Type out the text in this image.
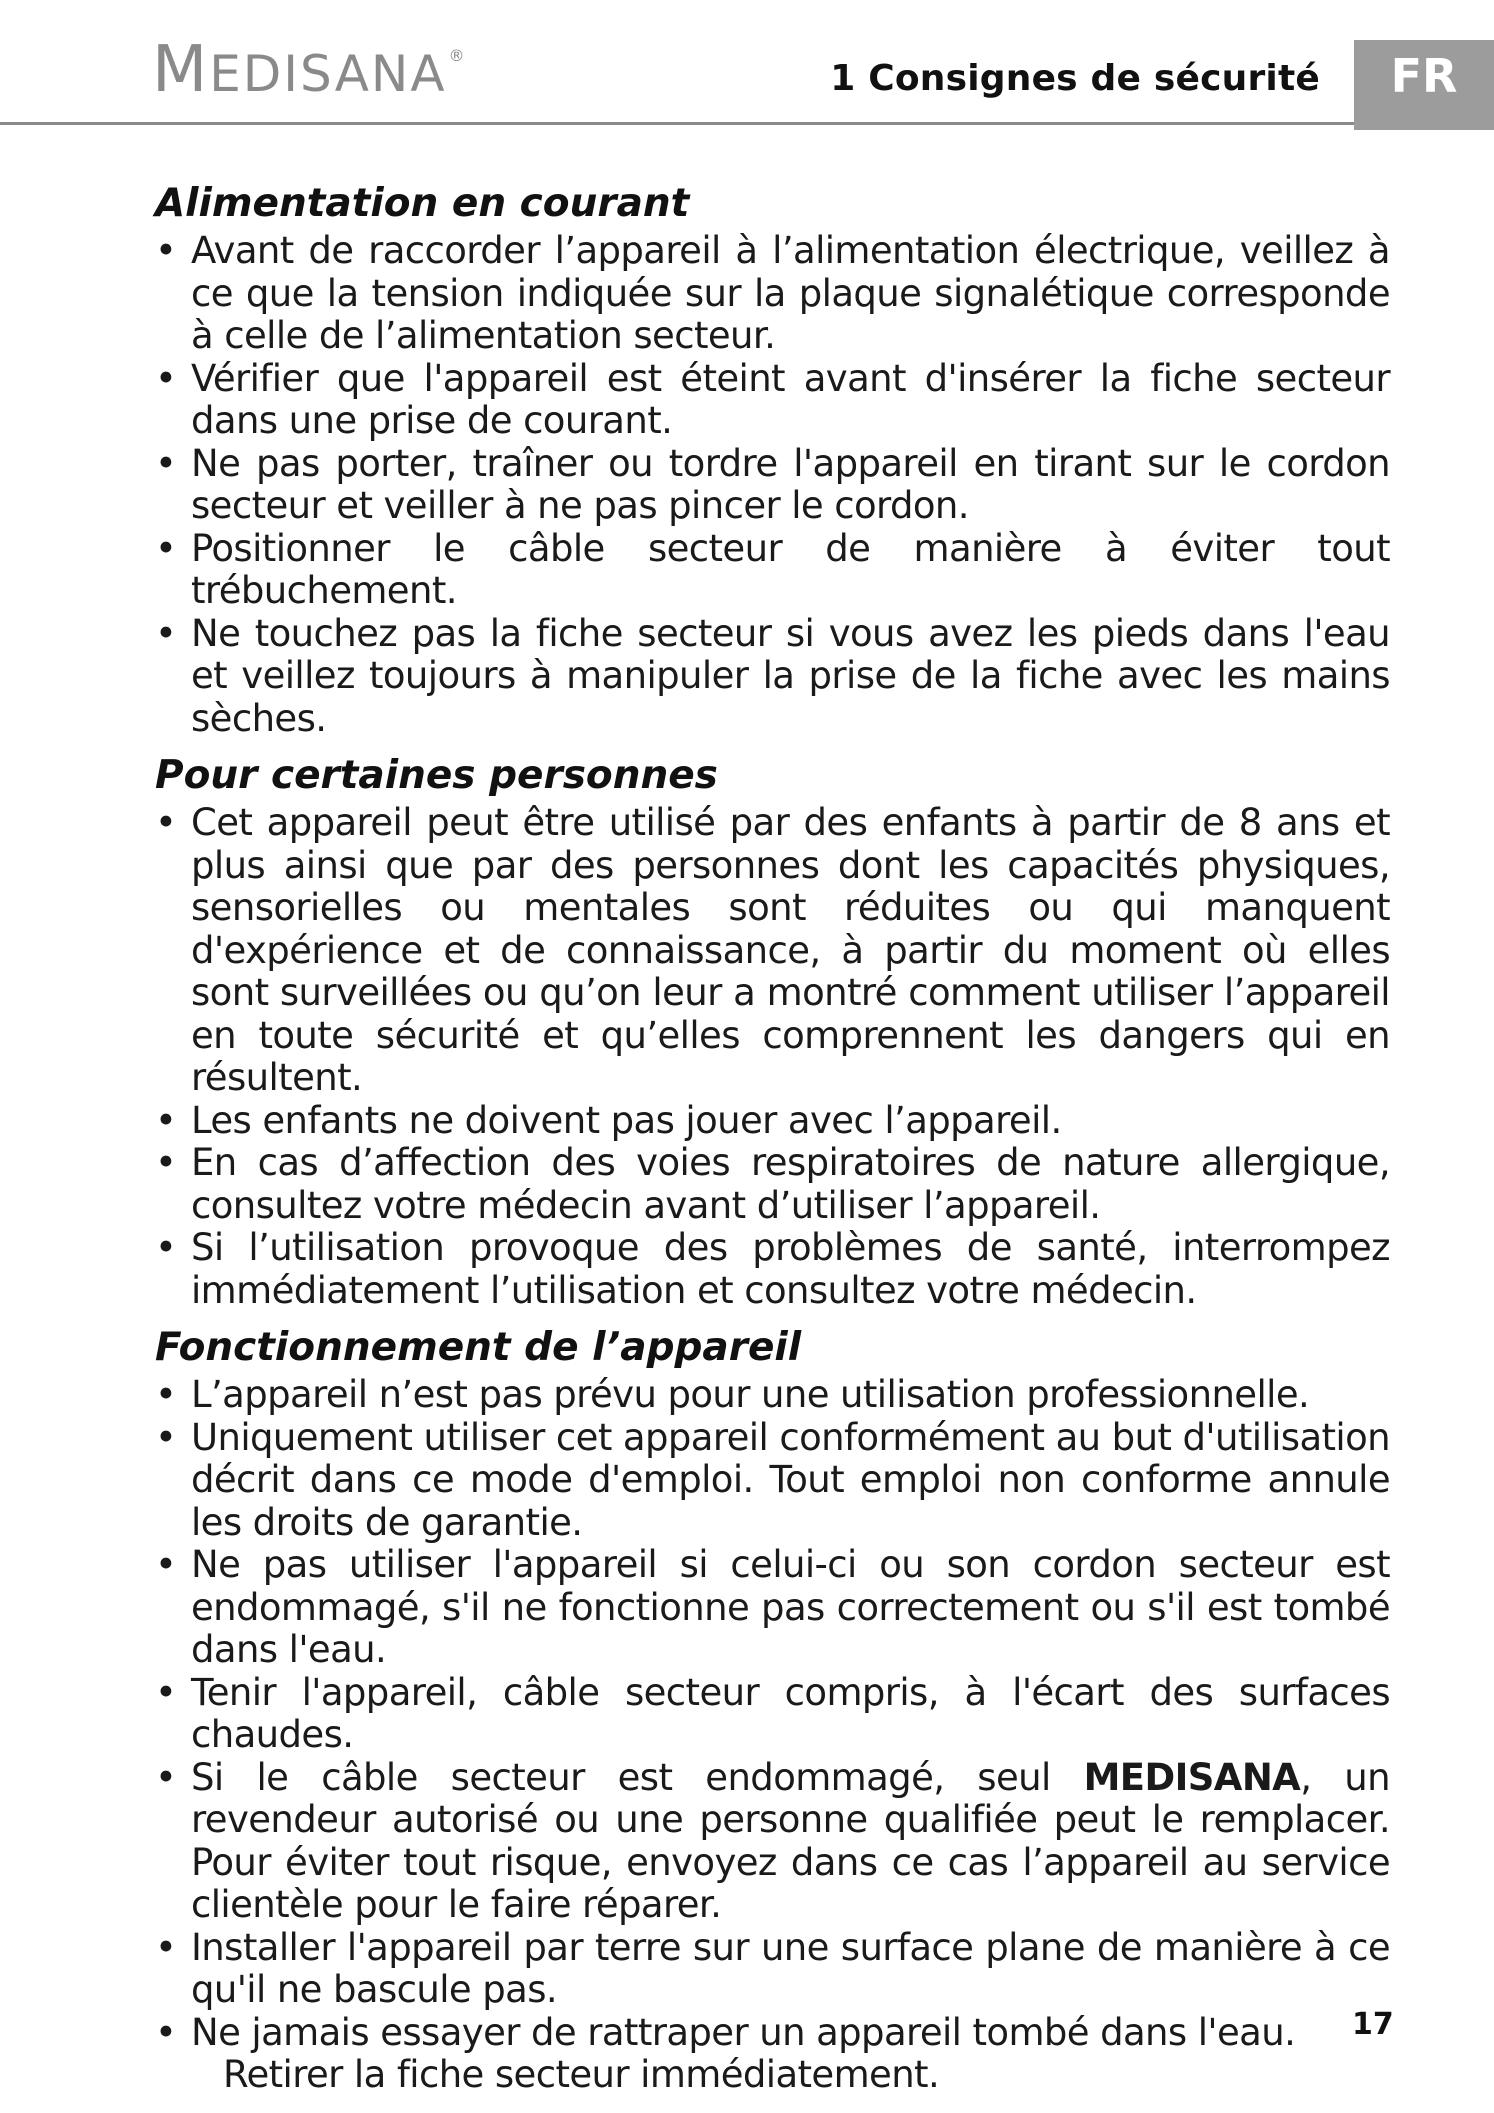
MEDISANA ®
1 Consignes de sécurité	FR
Alimentation en courant
• Avant de raccorder l’appareil à l’alimentation électrique, veillez à ce que la tension indiquée sur la plaque signalétique corresponde à celle de l’alimentation secteur.
• Vérifier que l'appareil est éteint avant d'insérer la fiche secteur dans une prise de courant.
• Ne pas porter, traîner ou tordre l'appareil en tirant sur le cordon secteur et veiller à ne pas pincer le cordon.
• Positionner le câble secteur de manière à éviter tout trébuchement.
• Ne touchez pas la fiche secteur si vous avez les pieds dans l'eau et veillez toujours à manipuler la prise de la fiche avec les mains sèches.
Pour certaines personnes
• Cet appareil peut être utilisé par des enfants à partir de 8 ans et plus ainsi que par des personnes dont les capacités physiques, sensorielles ou mentales sont réduites ou qui manquent d'expérience et de connaissance, à partir du moment où elles sont surveillées ou qu’on leur a montré comment utiliser l’appareil en toute sécurité et qu’elles comprennent les dangers qui en résultent.
• Les enfants ne doivent pas jouer avec l’appareil.
• En cas d’affection des voies respiratoires de nature allergique, consultez votre médecin avant d’utiliser l’appareil.
• Si l’utilisation provoque des problèmes de santé, interrompez immédiatement l’utilisation et consultez votre médecin.
Fonctionnement de l’appareil
• L’appareil n’est pas prévu pour une utilisation professionnelle.
• Uniquement utiliser cet appareil conformément au but d'utilisation décrit dans ce mode d'emploi. Tout emploi non conforme annule les droits de garantie.
• Ne pas utiliser l'appareil si celui-ci ou son cordon secteur est endommagé, s'il ne fonctionne pas correctement ou s'il est tombé dans l'eau.
• Tenir l'appareil, câble secteur compris, à l'écart des surfaces chaudes.
• Si le câble secteur est endommagé, seul MEDISANA, un revendeur autorisé ou une personne qualifiée peut le remplacer. Pour éviter tout risque, envoyez dans ce cas l’appareil au service clientèle pour le faire réparer.
• Installer l'appareil par terre sur une surface plane de manière à ce qu'il ne bascule pas.
• Ne jamais essayer de rattraper un appareil tombé dans l'eau.
Retirer la fiche secteur immédiatement.
17
